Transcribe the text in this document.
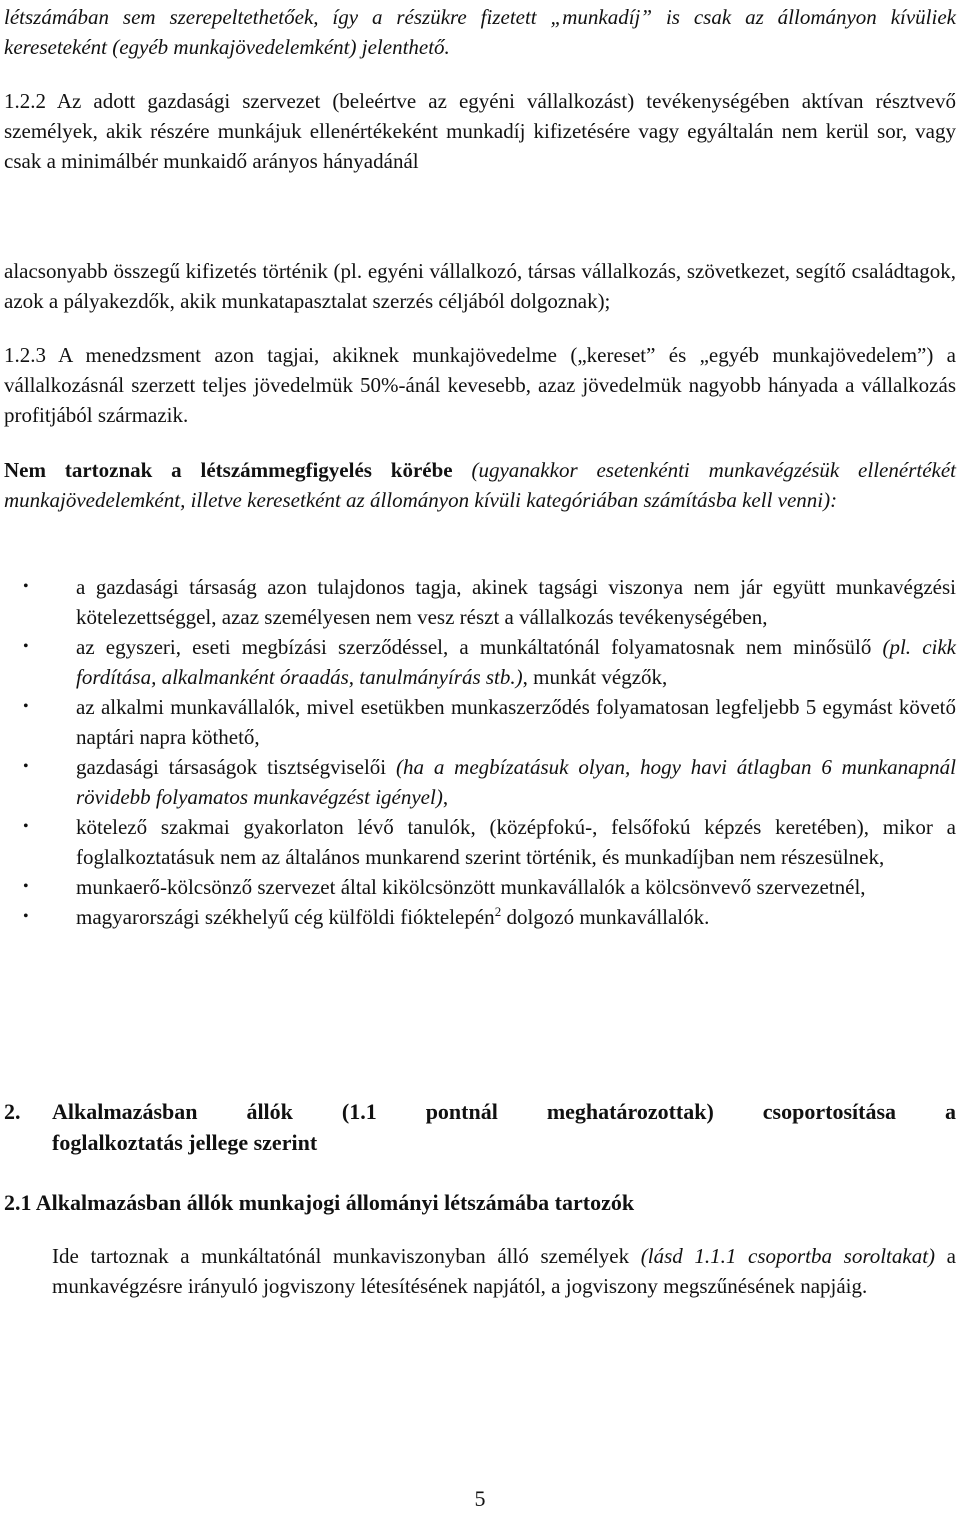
létszámában sem szerepeltethetőek, így a részükre fizetett „munkadíj” is csak az állományon kívüliek kereseteként (egyéb munkajövedelemként) jelenthető.

1.2.2 Az adott gazdasági szervezet (beleértve az egyéni vállalkozást) tevékenységében aktívan résztvevő személyek, akik részére munkájuk ellenértékeként munkadíj kifizetésére vagy egyáltalán nem kerül sor, vagy csak a minimálbér munkaidő arányos hányadánál

alacsonyabb összegű kifizetés történik (pl. egyéni vállalkozó, társas vállalkozás, szövetkezet, segítő családtagok, azok a pályakezdők, akik munkatapasztalat szerzés céljából dolgoznak);

1.2.3 A menedzsment azon tagjai, akiknek munkajövedelme („kereset” és „egyéb munkajövedelem”) a vállalkozásnál szerzett teljes jövedelmük 50%-ánál kevesebb, azaz jövedelmük nagyobb hányada a vállalkozás profitjából származik.

Nem tartoznak a létszámmegfigyelés körébe (ugyanakkor esetenkénti munkavégzésük ellenértékét munkajövedelemként, illetve keresetként az állományon kívüli kategóriában számításba kell venni):

• a gazdasági társaság azon tulajdonos tagja, akinek tagsági viszonya nem jár együtt munkavégzési kötelezettséggel, azaz személyesen nem vesz részt a vállalkozás tevékenységében,
• az egyszeri, eseti megbízási szerződéssel, a munkáltatónál folyamatosnak nem minősülő (pl. cikk fordítása, alkalmanként óraadás, tanulmányírás stb.), munkát végzők,
• az alkalmi munkavállalók, mivel esetükben munkaszerződés folyamatosan legfeljebb 5 egymást követő naptári napra köthető,
• gazdasági társaságok tisztségviselői (ha a megbízatásuk olyan, hogy havi átlagban 6 munkanapnál rövidebb folyamatos munkavégzést igényel),
• kötelező szakmai gyakorlaton lévő tanulók, (középfokú-, felsőfokú képzés keretében), mikor a foglalkoztatásuk nem az általános munkarend szerint történik, és munkadíjban nem részesülnek,
• munkaerő-kölcsönző szervezet által kikölcsönzött munkavállalók a kölcsönvevő szervezetnél,
• magyarországi székhelyű cég külföldi fióktelepén$^2$ dolgozó munkavállalók.
2. Alkalmazásban állók (1.1 pontnál meghatározottak) csoportosítása a
foglalkoztatás jellege szerint

2.1 Alkalmazásban állók munkajogi állományi létszámába tartozók

Ide tartoznak a munkáltatónál munkaviszonyban álló személyek (lásd 1.1.1 csoportba soroltakat) a munkavégzésre irányuló jogviszony létesítésének napjától, a jogviszony megszűnésének napjáig.

5
